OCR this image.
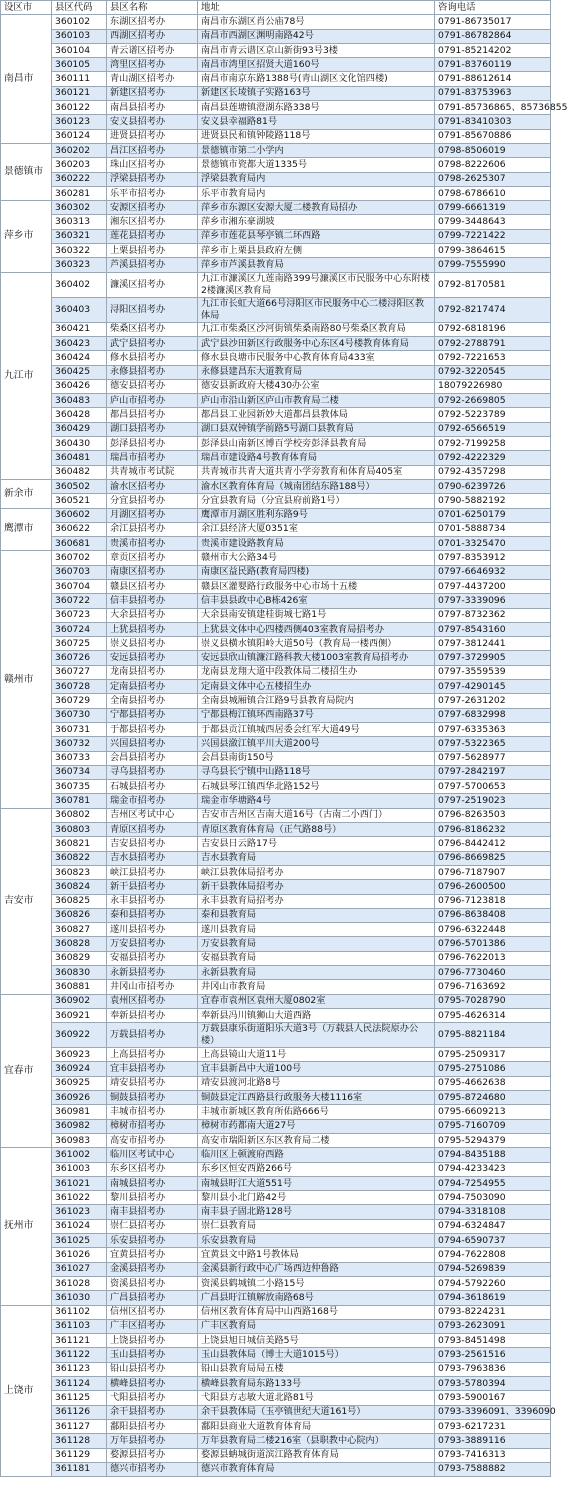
设区市	县区代码	县区名称	地址	咨询电话
南昌市	360102	东湖区招考办	南昌市东湖区肖公庙78号	0791-86735017
	360103	西湖区招考办	南昌市西湖区渊明南路42号	0791-86782864
	360104	青云谱区招考办	南昌市青云谱区京山新街93号3楼	0791-85214202
	360105	湾里区招考办	南昌市湾里区招贤大道160号	0791-83760119
	360111	青山湖区招考办	南昌市南京东路1388号(青山湖区文化馆四楼)	0791-88612614
	360121	新建区招考办	新建区长堎镇子实路163号	0791-83753963
	360122	南昌县招考办	南昌县莲塘镇澄湖东路338号	0791-85736865、85736855
	360123	安义县招考办	安义县幸福路81号	0791-83410303
	360124	进贤县招考办	进贤县民和镇钟陵路118号	0791-85670886
景德镇市	360202	昌江区招考办	景德镇市第二小学内	0798-8506019
	360203	珠山区招考办	景德镇市瓷都大道1335号	0798-8222606
	360222	浮梁县招考办	浮梁县教育局内	0798-2625307
	360281	乐平市招考办	乐平市教育局内	0798-6786610
萍乡市	360302	安源区招考办	萍乡市东源区安源大厦二楼教育局招办	0799-6661319
	360313	湘东区招考办	萍乡市湘东豪湖坡	0799-3448643
	360321	莲花县招考办	萍乡市莲花县琴亭镇二环西路	0799-7221422
	360322	上栗县招考办	萍乡市上栗县县政府左侧	0799-3864615
	360323	芦溪县招考办	萍乡市芦溪县教育局	0799-7555990
九江市	360402	濂溪区招考办	九江市濂溪区九莲南路399号濂溪区市民服务中心东附楼2楼濂溪区教育局	0792-8170581
	360403	浔阳区招考办	九江市长虹大道66号浔阳区市民服务中心二楼浔阳区教体局	0792-8217474
	360421	柴桑区招考办	九江市柴桑区沙河街镇柴桑南路80号柴桑区教育局	0792-6818196
	360423	武宁县招考办	武宁县沙田新区行政服务中心东区4号楼教育体育局	0792-2788791
	360424	修水县招考办	修水县良塘市民服务中心教育体育局433室	0792-7221653
	360425	永修县招考办	永修县建昌东大道教育局	0792-3220545
	360426	德安县招考办	德安县新政府大楼430办公室	18079226980
	360483	庐山市招考办	庐山市沿山新区庐山市教育局二楼	0792-2669805
	360428	都昌县招考办	都昌县工业园新妙大道都昌县教体局	0792-5223789
	360429	湖口县招考办	湖口县双钟镇学前路5号湖口县教育局	0792-6566519
	360430	彭泽县招考办	彭泽县山南新区博百学校旁彭泽县教育局	0792-7199258
	360481	瑞昌市招考办	瑞昌市建设路4号教育体育局	0792-4222329
	360482	共青城市考试院	共青城市共青大道共青小学旁教育和体育局405室	0792-4357298
新余市	360502	渝水区招考办	渝水区教育体育局（城南团结东路188号）	0790-6239726
	360521	分宜县招考办	分宜县教育局（分宜县府前路1号）	0790-5882192
鹰潭市	360602	月湖区招考办	鹰潭市月湖区胜利东路9号	0701-6250179
	360622	余江县招考办	余江县经济大厦0351室	0701-5888734
	360681	贵溪市招考办	贵溪市建设路教育局	0701-3325470
赣州市	360702	章贡区招考办	赣州市大公路34号	0797-8353912
	360703	南康区招考办	南康区益民路(教育局四楼)	0797-6646932
	360704	赣县区招考办	赣县区灌婴路行政服务中心市场十五楼	0797-4437200
	360722	信丰县招考办	信丰县县政中心B栋426室	0797-3339096
	360723	大余县招考办	大余县南安镇建桂街城七路1号	0797-8732362
	360724	上犹县招考办	上犹县文体中心四楼西侧403室教育局招考办	0797-8543160
	360725	崇义县招考办	崇义县横水镇阳岭大道50号（教育局一楼西侧）	0797-3812441
	360726	安远县招考办	安远县欣山镇濂江路科教大楼1003室教育局招考办	0797-3729905
	360727	龙南县招考办	龙南县龙翔大道中段教体局二楼招生办	0797-3559539
	360728	定南县招考办	定南县文体中心五楼招生办	0797-4290145
	360729	全南县招考办	全南县城厢镇合江路9号县教育局院内	0797-2631202
	360730	宁都县招考办	宁都县梅江镇环西南路37号	0797-6832998
	360731	于都县招考办	于都县贡江镇城西居委会红军大道49号	0797-6335363
	360732	兴国县招考办	兴国县潋江镇平川大道200号	0797-5322365
	360733	会昌县招考办	会昌县南街150号	0797-5628977
	360734	寻乌县招考办	寻乌县长宁镇中山路118号	0797-2842197
	360735	石城县招考办	石城县琴江镇西华北路152号	0797-5700653
	360781	瑞金市招考办	瑞金市华塘路4号	0797-2519023
吉安市	360802	吉州区考试中心	吉安市吉州区吉南大道16号（古南二小西门）	0796-8263503
	360803	青原区招考办	青原区教育体育局（正气路88号）	0796-8186232
	360821	吉安县招考办	吉安县日云路17号	0796-8442412
	360822	吉水县招考办	吉水县教育局	0796-8669825
	360823	峡江县招考办	峡江县教体局招考办	0796-7187907
	360824	新干县招考办	新干县教体局招考办	0796-2600500
	360825	永丰县招考办	永丰县教育局招考办	0796-7123818
	360826	泰和县招考办	泰和县教育局	0796-8638408
	360827	遂川县招考办	遂川县教育局	0796-6322448
	360828	万安县招考办	万安县教育局	0796-5701386
	360829	安福县招考办	安福县教育局	0796-7622013
	360830	永新县招考办	永新县教育局	0796-7730460
	360881	井冈山市招考办	井冈山市教育局	0796-7163692
宜春市	360902	袁州区招考办	宜春市袁州区袁州大厦0802室	0795-7028790
	360921	奉新县招考办	奉新县冯川镇狮山大道西路	0795-4626314
	360922	万载县招考办	万载县康乐街道阳乐大道3号（万载县人民法院原办公楼）	0795-8821184
	360923	上高县招考办	上高县镜山大道11号	0795-2509317
	360924	宜丰县招考办	宜丰县新昌中大道100号	0795-2751086
	360925	靖安县招考办	靖安县渡河北路8号	0795-4662638
	360926	铜鼓县招考办	铜鼓县定江西路县行政服务大楼1116室	0795-8724680
	360981	丰城市招考办	丰城市新城区教育所佑路666号	0795-6609213
	360982	樟树市招考办	樟树市药都南大道27号	0795-7160709
	360983	高安市招考办	高安市瑞阳新区东区教育局二楼	0795-5294379
抚州市	361002	临川区考试中心	临川区上顿渡府西路	0794-8435188
	361003	东乡区招考办	东乡区恒安西路266号	0794-4233423
	361021	南城县招考办	南城县盱江大道551号	0794-7254955
	361022	黎川县招考办	黎川县小北门路42号	0794-7503090
	361023	南丰县招考办	南丰县子固北路128号	0794-3318108
	361024	崇仁县招考办	崇仁县教育局	0794-6324847
	361025	乐安县招考办	乐安县教育局	0794-6590737
	361026	宜黄县招考办	宜黄县文中路1号教体局	0794-7622808
	361027	金溪县招考办	金溪县新行政中心广场西边仲鲁路	0794-5269839
	361028	资溪县招考办	资溪县鹤城镇二小路15号	0794-5792260
	361030	广昌县招考办	广昌县盱江镇解放南路68号	0794-3618619
上饶市	361102	信州区招考办	信州区教育体育局中山西路168号	0793-8224231
	361103	广丰区招考办	广丰区教育局	0793-2623091
	361121	上饶县招考办	上饶县旭日城信美路5号	0793-8451498
	361122	玉山县招考办	玉山县教体局（博士大道1015号）	0793-2561516
	361123	铅山县招考办	铅山县教育局局五楼	0793-7963836
	361124	横峰县招考办	横峰县教育局东路133号	0793-5780394
	361125	弋阳县招考办	弋阳县方志敏大道北路81号	0793-5900167
	361126	余干县招考办	余干县教体局（玉亭镇世纪大道161号）	0793-3396091、3396090
	361127	鄱阳县招考办	鄱阳县商业大道教育体育局	0793-6217231
	361128	万年县招考办	万年县教育局二楼216室（县职教中心院内）	0793-3889116
	361129	婺源县招考办	婺源县蚺城街道滨江路教育体育局	0793-7416313
	361181	德兴市招考办	德兴市教育体育局	0793-7588882
